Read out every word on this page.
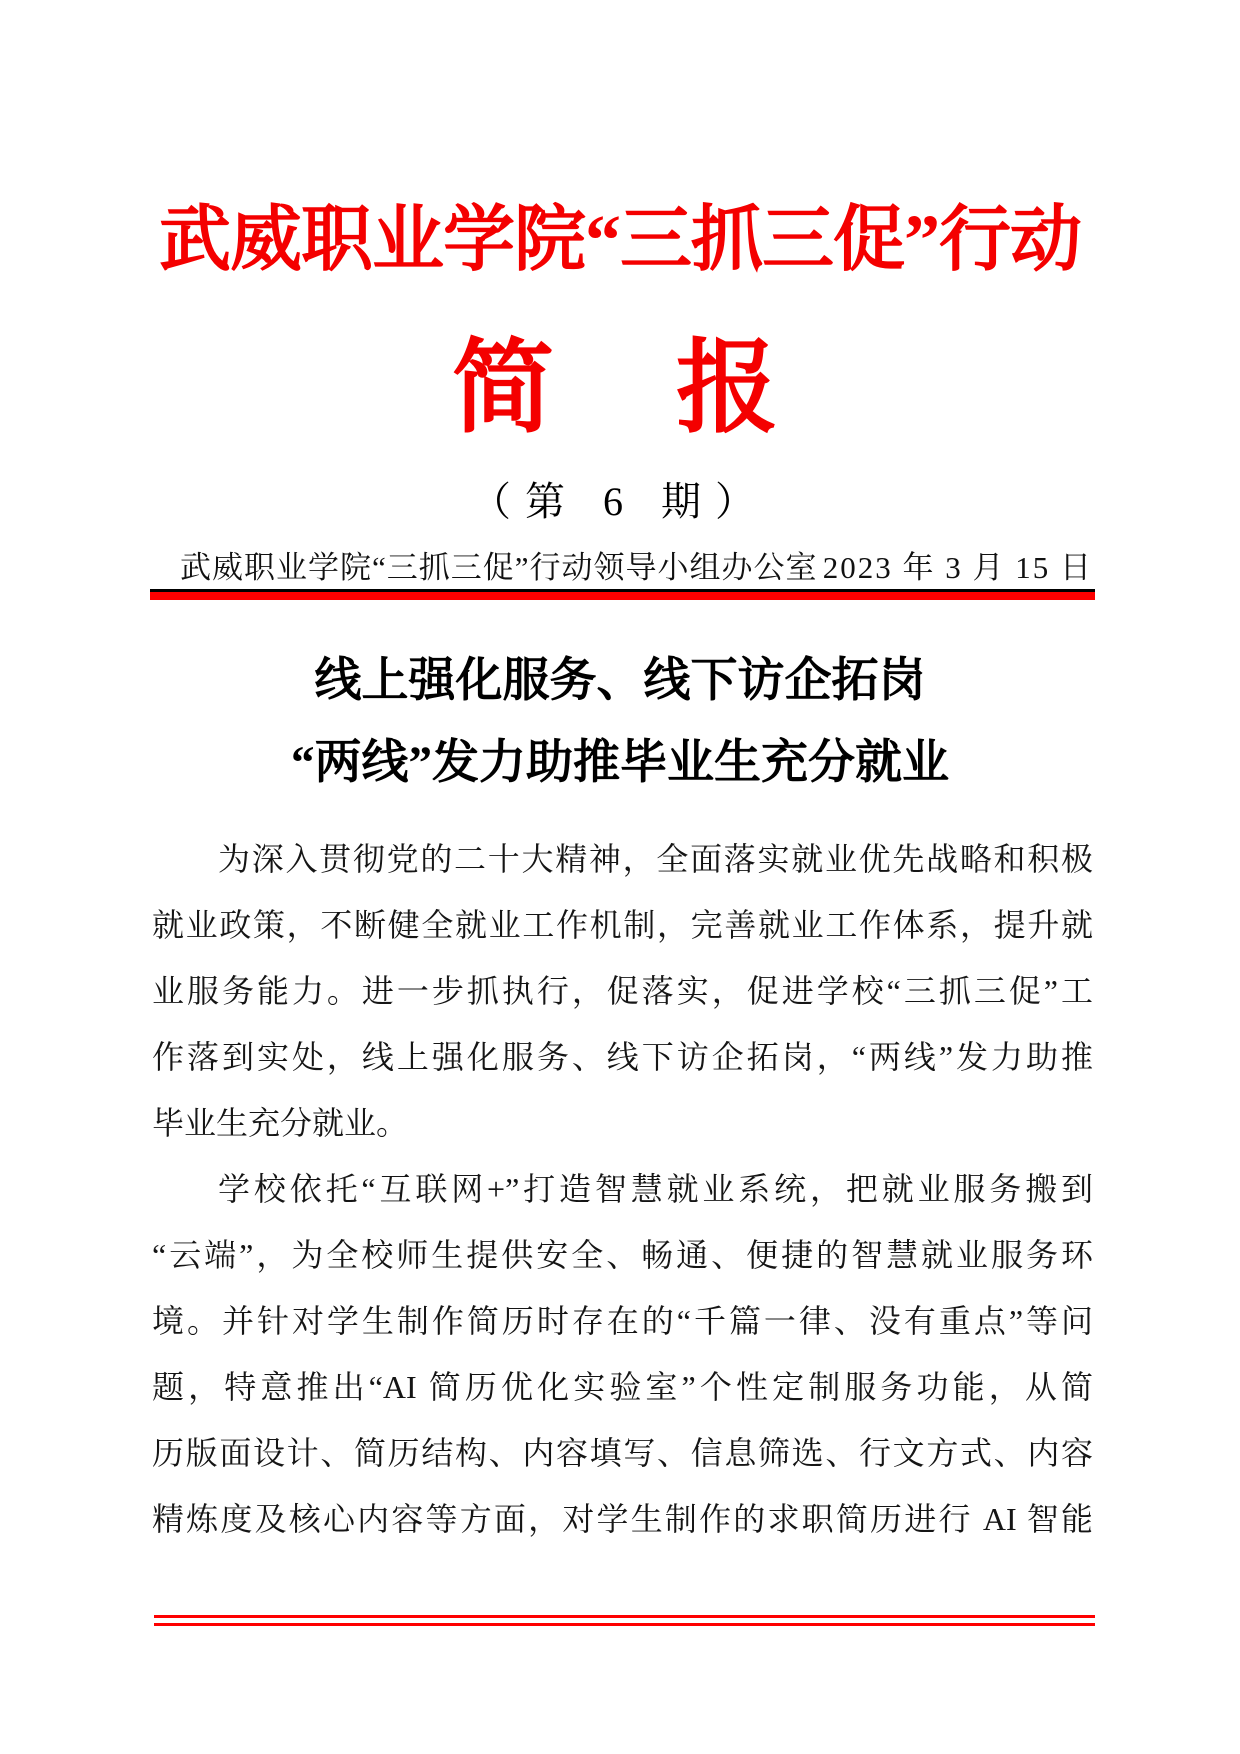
武威职业学院“三抓三促”行动
简　报
（第 6 期）
武威职业学院“三抓三促”行动领导小组办公室 2023 年 3 月 15 日
线上强化服务、线下访企拓岗
“两线”发力助推毕业生充分就业
为深入贯彻党的二十大精神，全面落实就业优先战略和积极
就业政策，不断健全就业工作机制，完善就业工作体系，提升就
业服务能力。进一步抓执行，促落实，促进学校“三抓三促”工
作落到实处，线上强化服务、线下访企拓岗，“两线”发力助推
毕业生充分就业。
学校依托“互联网+”打造智慧就业系统，把就业服务搬到
“云端”，为全校师生提供安全、畅通、便捷的智慧就业服务环
境。并针对学生制作简历时存在的“千篇一律、没有重点”等问
题，特意推出“AI 简历优化实验室”个性定制服务功能，从简
历版面设计、简历结构、内容填写、信息筛选、行文方式、内容
精炼度及核心内容等方面，对学生制作的求职简历进行 AI 智能
